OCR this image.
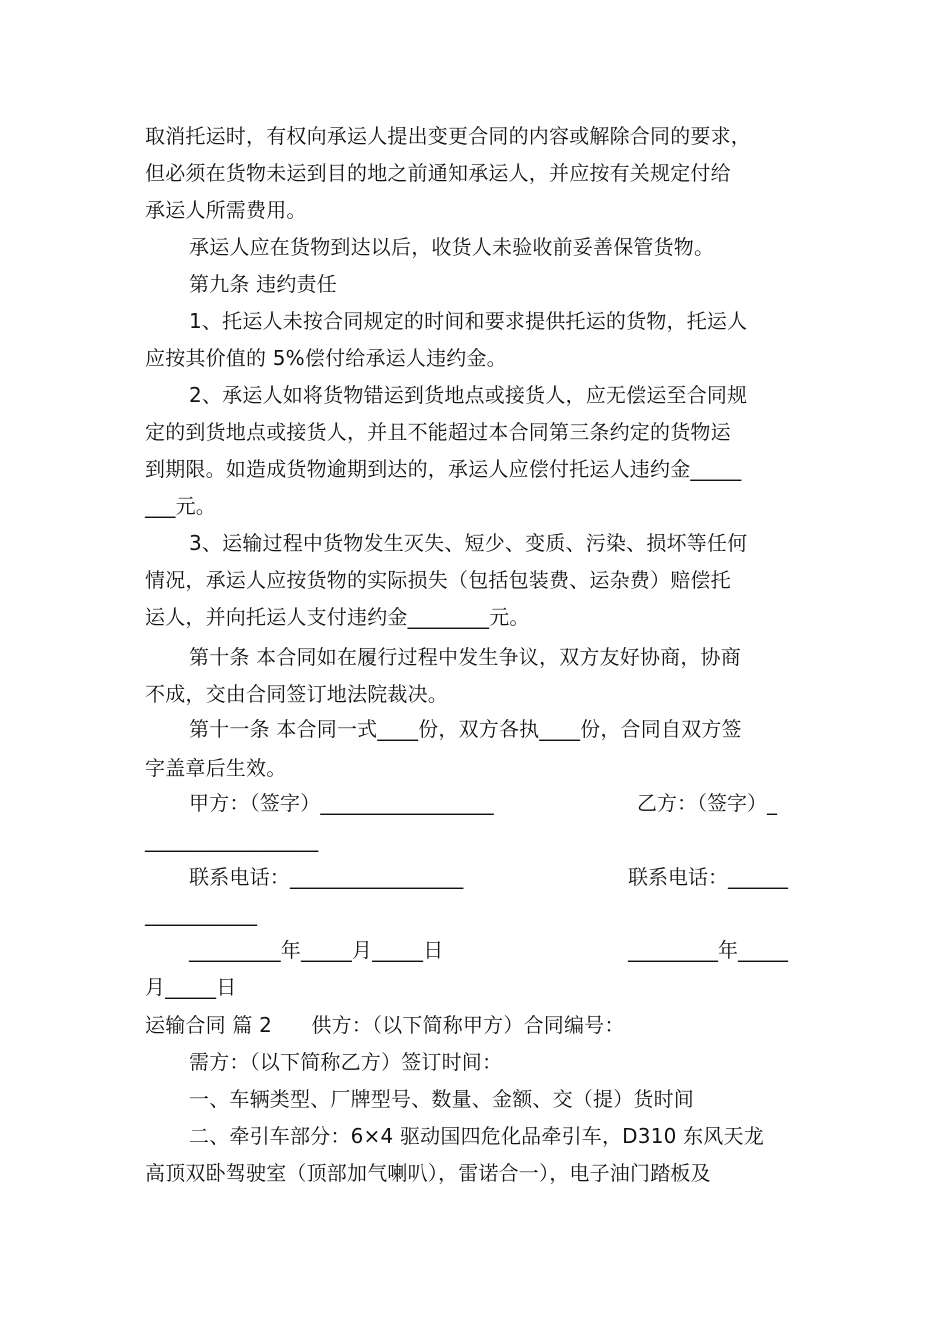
取消托运时，有权向承运人提出变更合同的内容或解除合同的要求，
但必须在货物未运到目的地之前通知承运人，并应按有关规定付给
承运人所需费用。
承运人应在货物到达以后，收货人未验收前妥善保管货物。
第九条 违约责任
1、托运人未按合同规定的时间和要求提供托运的货物，托运人
应按其价值的 5%偿付给承运人违约金。
2、承运人如将货物错运到货地点或接货人，应无偿运至合同规
定的到货地点或接货人，并且不能超过本合同第三条约定的货物运
到期限。如造成货物逾期到达的，承运人应偿付托运人违约金_____
___元。
3、运输过程中货物发生灭失、短少、变质、污染、损坏等任何
情况，承运人应按货物的实际损失（包括包装费、运杂费）赔偿托
运人，并向托运人支付违约金________元。
第十条 本合同如在履行过程中发生争议，双方友好协商，协商
不成，交由合同签订地法院裁决。
第十一条 本合同一式____份，双方各执____份，合同自双方签
字盖章后生效。
甲方：（签字）_________________	乙方：（签字）_
_________________
联系电话：_________________	联系电话：______
___________
_________年_____月_____日	_________年_____
月_____日
运输合同 篇 2      供方：（以下简称甲方）合同编号：
需方：（以下简称乙方）签订时间：
一、车辆类型、厂牌型号、数量、金额、交（提）货时间
二、牵引车部分：6×4 驱动国四危化品牵引车，D310 东风天龙
高顶双卧驾驶室（顶部加气喇叭），雷诺合一），电子油门踏板及
